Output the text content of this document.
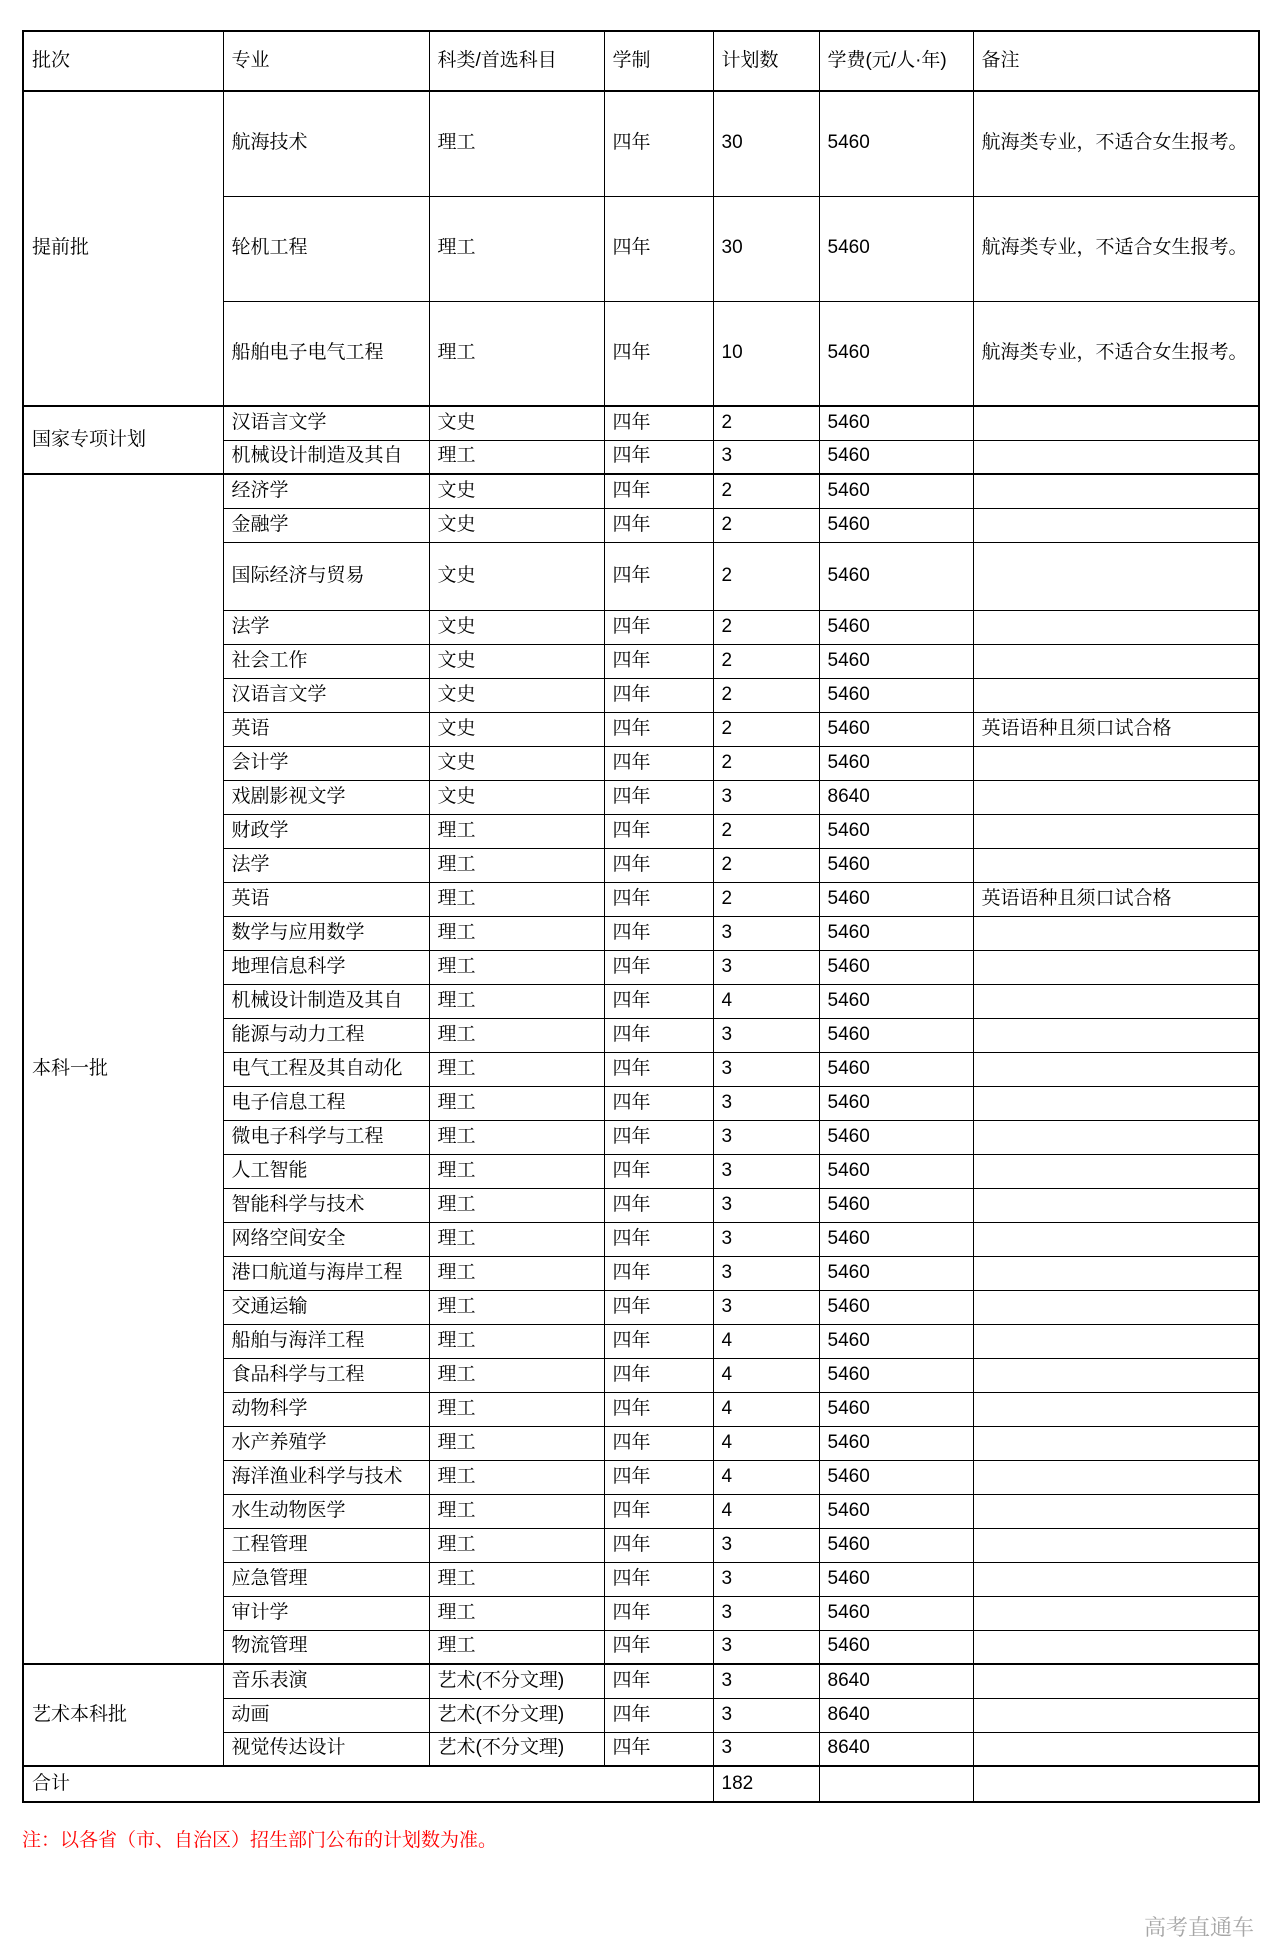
批次	专业	科类/首选科目	学制	计划数	学费(元/人·年)	备注
提前批	航海技术	理工	四年	30	5460	航海类专业，不适合女生报考。
	轮机工程	理工	四年	30	5460	航海类专业，不适合女生报考。
	船舶电子电气工程	理工	四年	10	5460	航海类专业，不适合女生报考。
国家专项计划	汉语言文学	文史	四年	2	5460	
	机械设计制造及其自	理工	四年	3	5460	
本科一批	经济学	文史	四年	2	5460	
	金融学	文史	四年	2	5460	
	国际经济与贸易	文史	四年	2	5460	
	法学	文史	四年	2	5460	
	社会工作	文史	四年	2	5460	
	汉语言文学	文史	四年	2	5460	
	英语	文史	四年	2	5460	英语语种且须口试合格
	会计学	文史	四年	2	5460	
	戏剧影视文学	文史	四年	3	8640	
	财政学	理工	四年	2	5460	
	法学	理工	四年	2	5460	
	英语	理工	四年	2	5460	英语语种且须口试合格
	数学与应用数学	理工	四年	3	5460	
	地理信息科学	理工	四年	3	5460	
	机械设计制造及其自	理工	四年	4	5460	
	能源与动力工程	理工	四年	3	5460	
	电气工程及其自动化	理工	四年	3	5460	
	电子信息工程	理工	四年	3	5460	
	微电子科学与工程	理工	四年	3	5460	
	人工智能	理工	四年	3	5460	
	智能科学与技术	理工	四年	3	5460	
	网络空间安全	理工	四年	3	5460	
	港口航道与海岸工程	理工	四年	3	5460	
	交通运输	理工	四年	3	5460	
	船舶与海洋工程	理工	四年	4	5460	
	食品科学与工程	理工	四年	4	5460	
	动物科学	理工	四年	4	5460	
	水产养殖学	理工	四年	4	5460	
	海洋渔业科学与技术	理工	四年	4	5460	
	水生动物医学	理工	四年	4	5460	
	工程管理	理工	四年	3	5460	
	应急管理	理工	四年	3	5460	
	审计学	理工	四年	3	5460	
	物流管理	理工	四年	3	5460	
艺术本科批	音乐表演	艺术(不分文理)	四年	3	8640	
	动画	艺术(不分文理)	四年	3	8640	
	视觉传达设计	艺术(不分文理)	四年	3	8640	
合计				182		
注：以各省（市、自治区）招生部门公布的计划数为准。
高考直通车
